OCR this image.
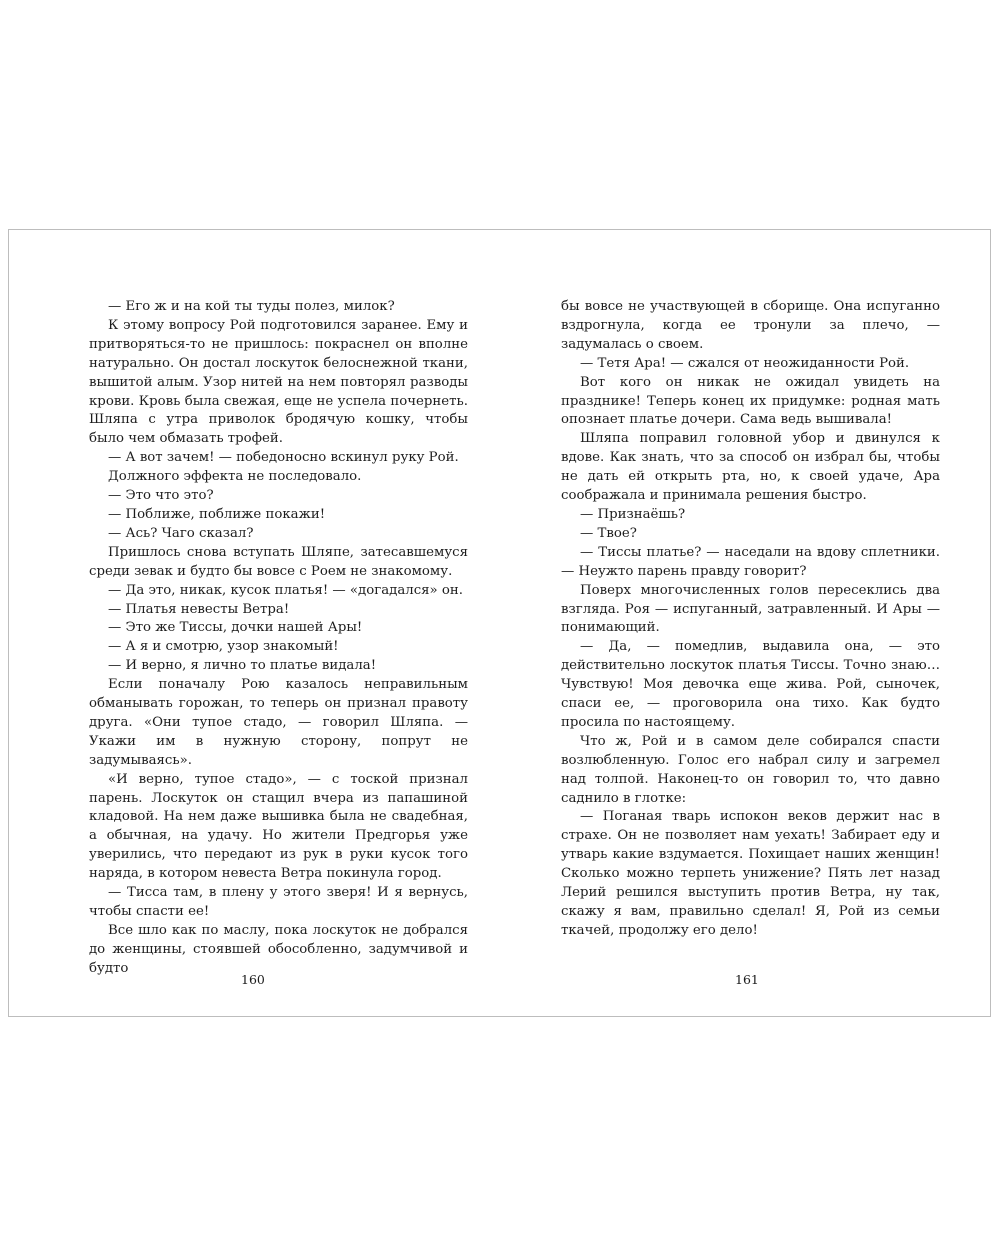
— Его ж и на кой ты туды полез, милок?

К этому вопросу Рой подготовился заранее. Ему и притворяться-то не пришлось: покраснел он вполне натурально. Он достал лоскуток белоснежной ткани, вышитой алым. Узор нитей на нем повторял разводы крови. Кровь была свежая, еще не успела почернеть. Шляпа с утра приволок бродячую кошку, чтобы было чем обмазать трофей.

— А вот зачем! — победоносно вскинул руку Рой.

Должного эффекта не последовало.

— Это что это?

— Поближе, поближе покажи!

— Ась? Чаго сказал?

Пришлось снова вступать Шляпе, затесавшемуся среди зевак и будто бы вовсе с Роем не знакомому.

— Да это, никак, кусок платья! — «догадался» он.

— Платья невесты Ветра!

— Это же Тиссы, дочки нашей Ары!

— А я и смотрю, узор знакомый!

— И верно, я лично то платье видала!

Если поначалу Рою казалось неправильным обманывать горожан, то теперь он признал правоту друга. «Они тупое стадо, — говорил Шляпа. — Укажи им в нужную сторону, попрут не задумываясь».

«И верно, тупое стадо», — с тоской признал парень. Лоскуток он стащил вчера из папашиной кладовой. На нем даже вышивка была не свадебная, а обычная, на удачу. Но жители Предгорья уже уверились, что передают из рук в руки кусок того наряда, в котором невеста Ветра покинула город.

— Тисса там, в плену у этого зверя! И я вернусь, чтобы спасти ее!

Все шло как по маслу, пока лоскуток не добрался до женщины, стоявшей обособленно, задумчивой и будто

бы вовсе не участвующей в сборище. Она испуганно вздрогнула, когда ее тронули за плечо, — задумалась о своем.

— Тетя Ара! — сжался от неожиданности Рой.

Вот кого он никак не ожидал увидеть на празднике! Теперь конец их придумке: родная мать опознает платье дочери. Сама ведь вышивала!

Шляпа поправил головной убор и двинулся к вдове. Как знать, что за способ он избрал бы, чтобы не дать ей открыть рта, но, к своей удаче, Ара соображала и принимала решения быстро.

— Признаёшь?

— Твое?

— Тиссы платье? — наседали на вдову сплетники. — Неужто парень правду говорит?

Поверх многочисленных голов пересеклись два взгляда. Роя — испуганный, затравленный. И Ары — понимающий.

— Да, — помедлив, выдавила она, — это действительно лоскуток платья Тиссы. Точно знаю… Чувствую! Моя девочка еще жива. Рой, сыночек, спаси ее, — проговорила она тихо. Как будто просила по настоящему.

Что ж, Рой и в самом деле собирался спасти возлюбленную. Голос его набрал силу и загремел над толпой. Наконец-то он говорил то, что давно саднило в глотке:

— Поганая тварь испокон веков держит нас в страхе. Он не позволяет нам уехать! Забирает еду и утварь какие вздумается. Похищает наших женщин! Сколько можно терпеть унижение? Пять лет назад Лерий решился выступить против Ветра, ну так, скажу я вам, правильно сделал! Я, Рой из семьи ткачей, продолжу его дело!

160	161
